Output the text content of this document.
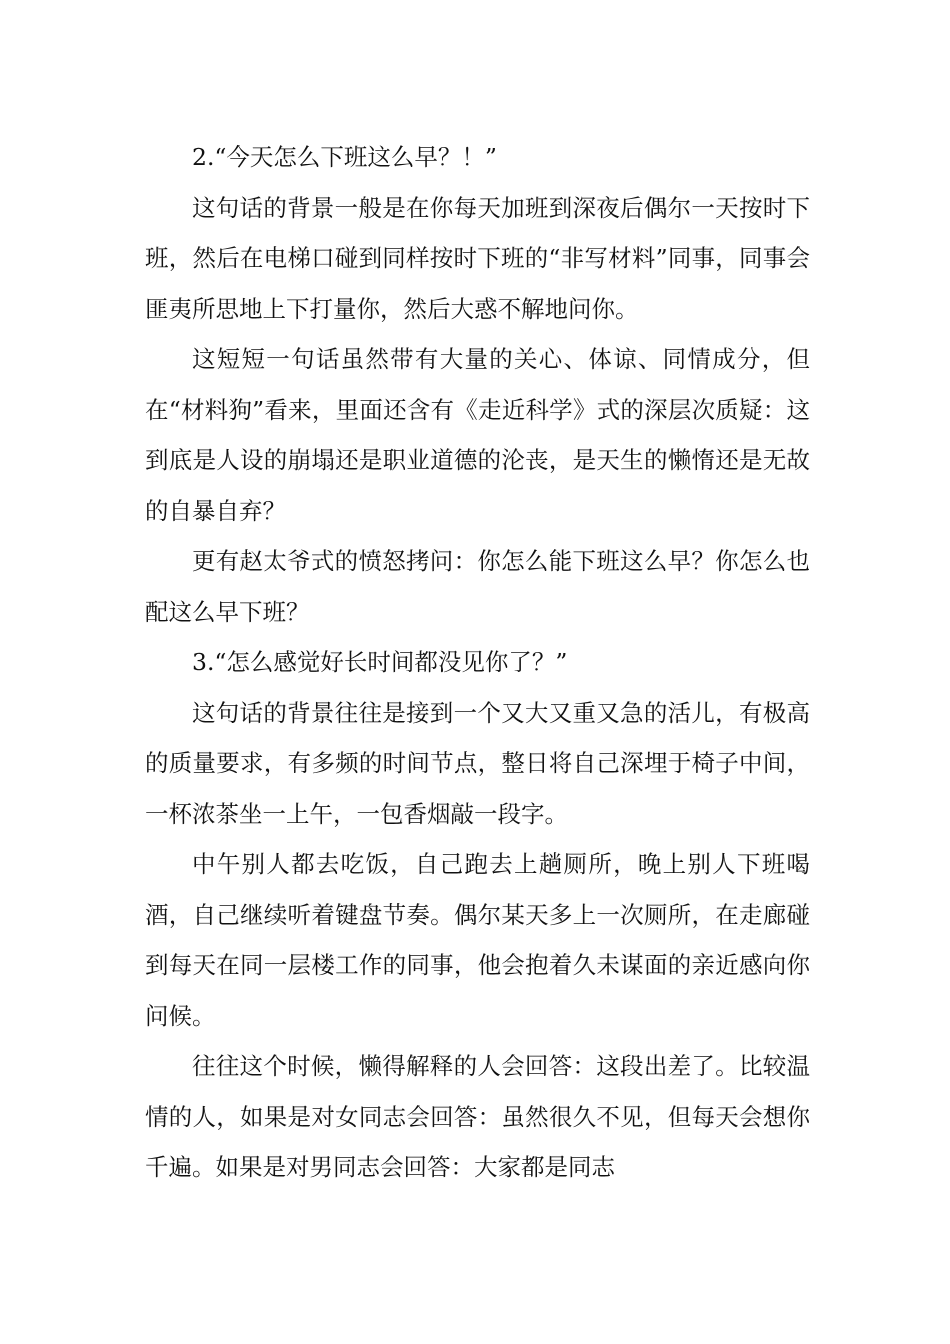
2.“今天怎么下班这么早？！”

这句话的背景一般是在你每天加班到深夜后偶尔一天按时下班，然后在电梯口碰到同样按时下班的“非写材料”同事，同事会匪夷所思地上下打量你，然后大惑不解地问你。

这短短一句话虽然带有大量的关心、体谅、同情成分，但在“材料狗”看来，里面还含有《走近科学》式的深层次质疑：这到底是人设的崩塌还是职业道德的沦丧，是天生的懒惰还是无故的自暴自弃？

更有赵太爷式的愤怒拷问：你怎么能下班这么早？你怎么也配这么早下班？

3.“怎么感觉好长时间都没见你了？”

这句话的背景往往是接到一个又大又重又急的活儿，有极高的质量要求，有多频的时间节点，整日将自己深埋于椅子中间，一杯浓茶坐一上午，一包香烟敲一段字。

中午别人都去吃饭，自己跑去上趟厕所，晚上别人下班喝酒，自己继续听着键盘节奏。偶尔某天多上一次厕所，在走廊碰到每天在同一层楼工作的同事，他会抱着久未谋面的亲近感向你问候。

往往这个时候，懒得解释的人会回答：这段出差了。比较温情的人，如果是对女同志会回答：虽然很久不见，但每天会想你千遍。如果是对男同志会回答：大家都是同志
